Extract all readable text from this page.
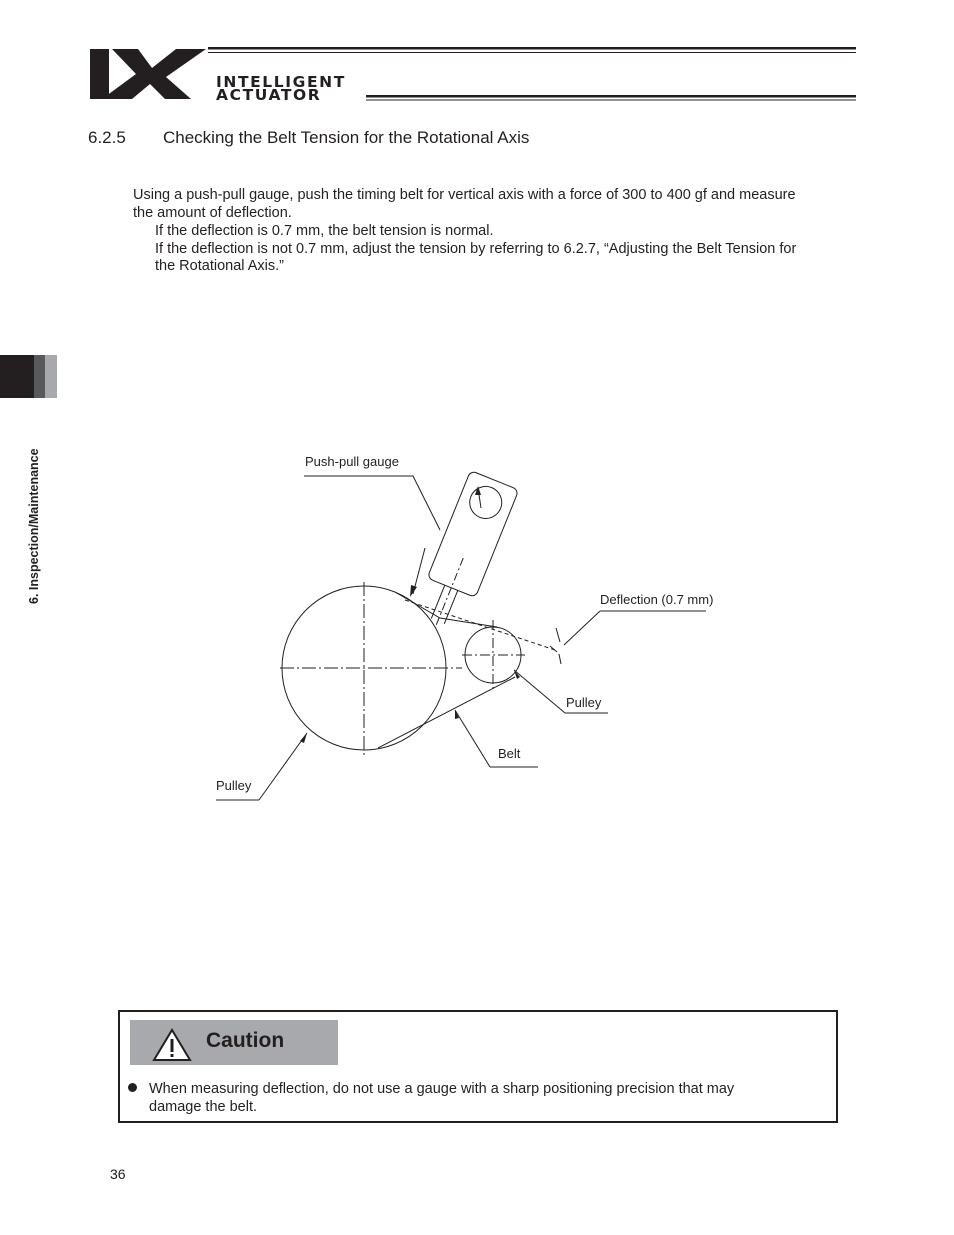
INTELLIGENT
ACTUATOR
6.2.5 Checking the Belt Tension for the Rotational Axis
Using a push-pull gauge, push the timing belt for vertical axis with a force of 300 to 400 gf and measure
the amount of deflection.
If the deflection is 0.7 mm, the belt tension is normal.
If the deflection is not 0.7 mm, adjust the tension by referring to 6.2.7, “Adjusting the Belt Tension for
the Rotational Axis.”
6. Inspection/Maintenance	Push-pull gauge
Deflection (0.7 mm)
Pulley
Belt
Pulley
Caution
When measuring deflection, do not use a gauge with a sharp positioning precision that may
damage the belt.
36
